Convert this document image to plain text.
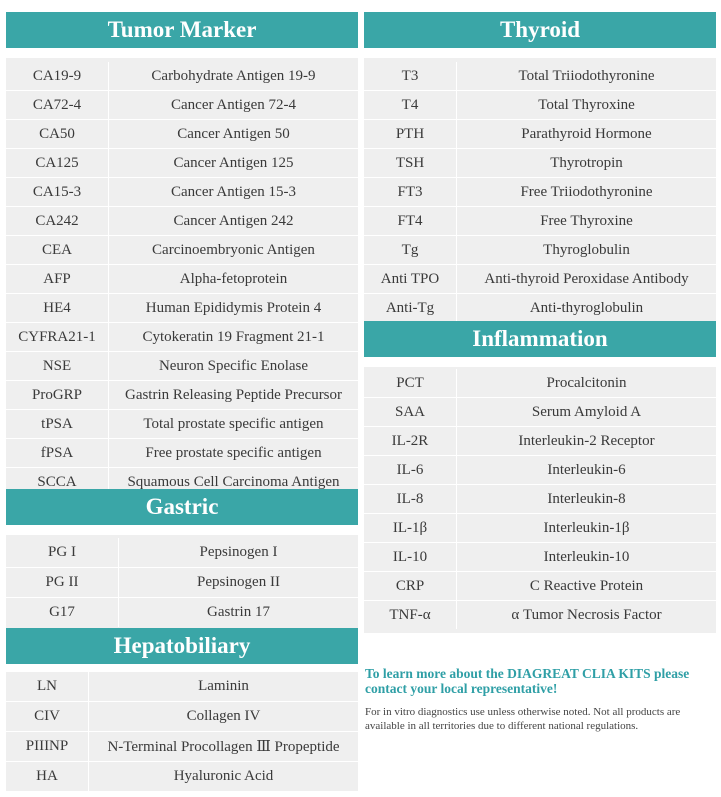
Tumor Marker
CA19-9	Carbohydrate Antigen 19-9
CA72-4	Cancer Antigen 72-4
CA50	Cancer Antigen 50
CA125	Cancer Antigen 125
CA15-3	Cancer Antigen 15-3
CA242	Cancer Antigen 242
CEA	Carcinoembryonic Antigen
AFP	Alpha-fetoprotein
HE4	Human Epididymis Protein 4
CYFRA21-1	Cytokeratin 19 Fragment 21-1
NSE	Neuron Specific Enolase
ProGRP	Gastrin Releasing Peptide Precursor
tPSA	Total prostate specific antigen
fPSA	Free prostate specific antigen
SCCA	Squamous Cell Carcinoma Antigen
Gastric
PG I	Pepsinogen I
PG II	Pepsinogen II
G17	Gastrin 17
Hepatobiliary
LN	Laminin
CIV	Collagen IV
PIIINP	N-Terminal Procollagen Ⅲ Propeptide
HA	Hyaluronic Acid
Thyroid
T3	Total Triiodothyronine
T4	Total Thyroxine
PTH	Parathyroid Hormone
TSH	Thyrotropin
FT3	Free Triiodothyronine
FT4	Free Thyroxine
Tg	Thyroglobulin
Anti TPO	Anti-thyroid Peroxidase Antibody
Anti-Tg	Anti-thyroglobulin
Inflammation
PCT	Procalcitonin
SAA	Serum Amyloid A
IL-2R	Interleukin-2 Receptor
IL-6	Interleukin-6
IL-8	Interleukin-8
IL-1β	Interleukin-1β
IL-10	Interleukin-10
CRP	C Reactive Protein
TNF-α	α Tumor Necrosis Factor
To learn more about the DIAGREAT CLIA KITS please contact your local representative!
For in vitro diagnostics use unless otherwise noted. Not all products are available in all territories due to different national regulations.
